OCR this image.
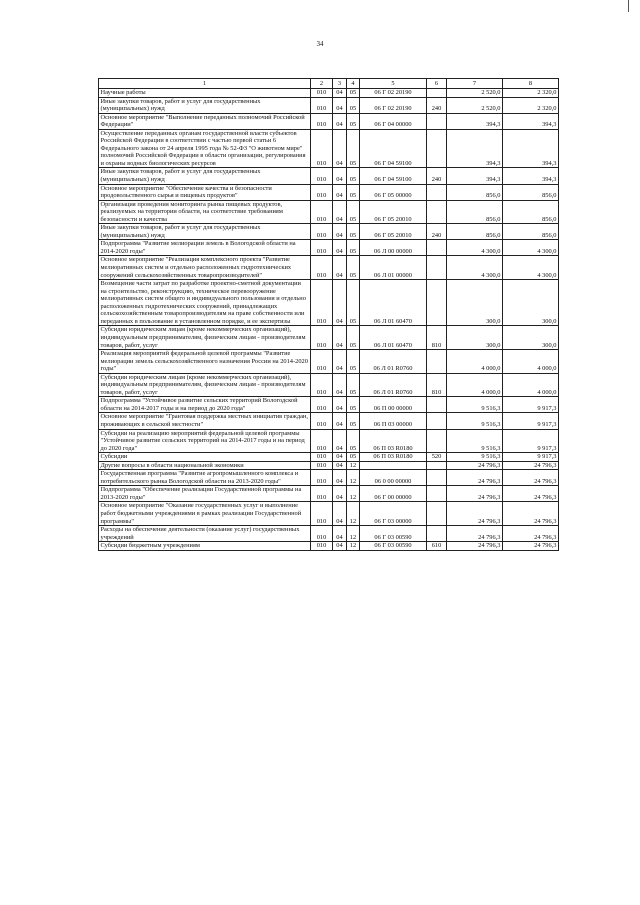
34
1	2	3	4	5	6	7	8
Научные работы	010	04	05	06 Г 02 20190		2 520,0	2 320,0
Иные закупки товаров, работ и услуг для государственных (муниципальных) нужд	010	04	05	06 Г 02 20190	240	2 520,0	2 320,0
Основное мероприятие "Выполнение переданных полномочий Российской Федерации"	010	04	05	06 Г 04 00000		394,3	394,3
Осуществление переданных органам государственной власти субъектов Российской Федерации в соответствии с частью первой статьи 6 Федерального закона от 24 апреля 1995 года № 52-ФЗ "О животном мире" полномочий Российской Федерации в области организации, регулирования и охраны водных биологических ресурсов	010	04	05	06 Г 04 59100		394,3	394,3
Иные закупки товаров, работ и услуг для государственных (муниципальных) нужд	010	04	05	06 Г 04 59100	240	394,3	394,3
Основное мероприятие "Обеспечение качества и безопасности продовольственного сырья и пищевых продуктов"	010	04	05	06 Г 05 00000		856,0	856,0
Организация проведения мониторинга рынка пищевых продуктов, реализуемых на территории области, на соответствие требованиям безопасности и качества	010	04	05	06 Г 05 20010		856,0	856,0
Иные закупки товаров, работ и услуг для государственных (муниципальных) нужд	010	04	05	06 Г 05 20010	240	856,0	856,0
Подпрограмма "Развитие мелиорации земель в Вологодской области на 2014-2020 годы"	010	04	05	06 Л 00 00000		4 300,0	4 300,0
Основное мероприятие "Реализация комплексного проекта "Развитие мелиоративных систем и отдельно расположенных гидротехнических сооружений сельскохозяйственных товаропроизводителей"	010	04	05	06 Л 01 00000		4 300,0	4 300,0
Возмещение части затрат по разработке проектно-сметной документации на строительство, реконструкцию, техническое перевооружение мелиоративных систем общего и индивидуального пользования и отдельно расположенных гидротехнических сооружений, принадлежащих сельскохозяйственным товаропроизводителям на праве собственности или переданных в пользование в установленном порядке, и ее экспертизы	010	04	05	06 Л 01 60470		300,0	300,0
Субсидии юридическим лицам (кроме некоммерческих организаций), индивидуальным предпринимателям, физическим лицам - производителям товаров, работ, услуг	010	04	05	06 Л 01 60470	810	300,0	300,0
Реализация мероприятий федеральной целевой программы "Развитие мелиорации земель сельскохозяйственного назначения России на 2014-2020 годы"	010	04	05	06 Л 01 R0760		4 000,0	4 000,0
Субсидии юридическим лицам (кроме некоммерческих организаций), индивидуальным предпринимателям, физическим лицам - производителям товаров, работ, услуг	010	04	05	06 Л 01 R0760	810	4 000,0	4 000,0
Подпрограмма "Устойчивое развитие сельских территорий Вологодской области на 2014-2017 годы и на период до 2020 года"	010	04	05	06 П 00 00000		9 516,3	9 917,3
Основное мероприятие "Грантовая поддержка местных инициатив граждан, проживающих в сельской местности"	010	04	05	06 П 03 00000		9 516,3	9 917,3
Субсидии на реализацию мероприятий федеральной целевой программы "Устойчивое развитие сельских территорий на 2014-2017 годы и на период до 2020 года"	010	04	05	06 П 03 R0180		9 516,3	9 917,3
Субсидии	010	04	05	06 П 03 R0180	520	9 516,3	9 917,3
Другие вопросы в области национальной экономики	010	04	12			24 796,3	24 796,3
Государственная программа "Развитие агропромышленного комплекса и потребительского рынка Вологодской области на 2013-2020 годы"	010	04	12	06 0 00 00000		24 796,3	24 796,3
Подпрограмма "Обеспечение реализации Государственной программы на 2013-2020 годы"	010	04	12	06 Г 00 00000		24 796,3	24 796,3
Основное мероприятие "Оказание государственных услуг и выполнение работ бюджетными учреждениями в рамках реализации Государственной программы"	010	04	12	06 Г 03 00000		24 796,3	24 796,3
Расходы на обеспечение деятельности (оказание услуг) государственных учреждений	010	04	12	06 Г 03 00590		24 796,3	24 796,3
Субсидии бюджетным учреждениям	010	04	12	06 Г 03 00590	610	24 796,3	24 796,3
